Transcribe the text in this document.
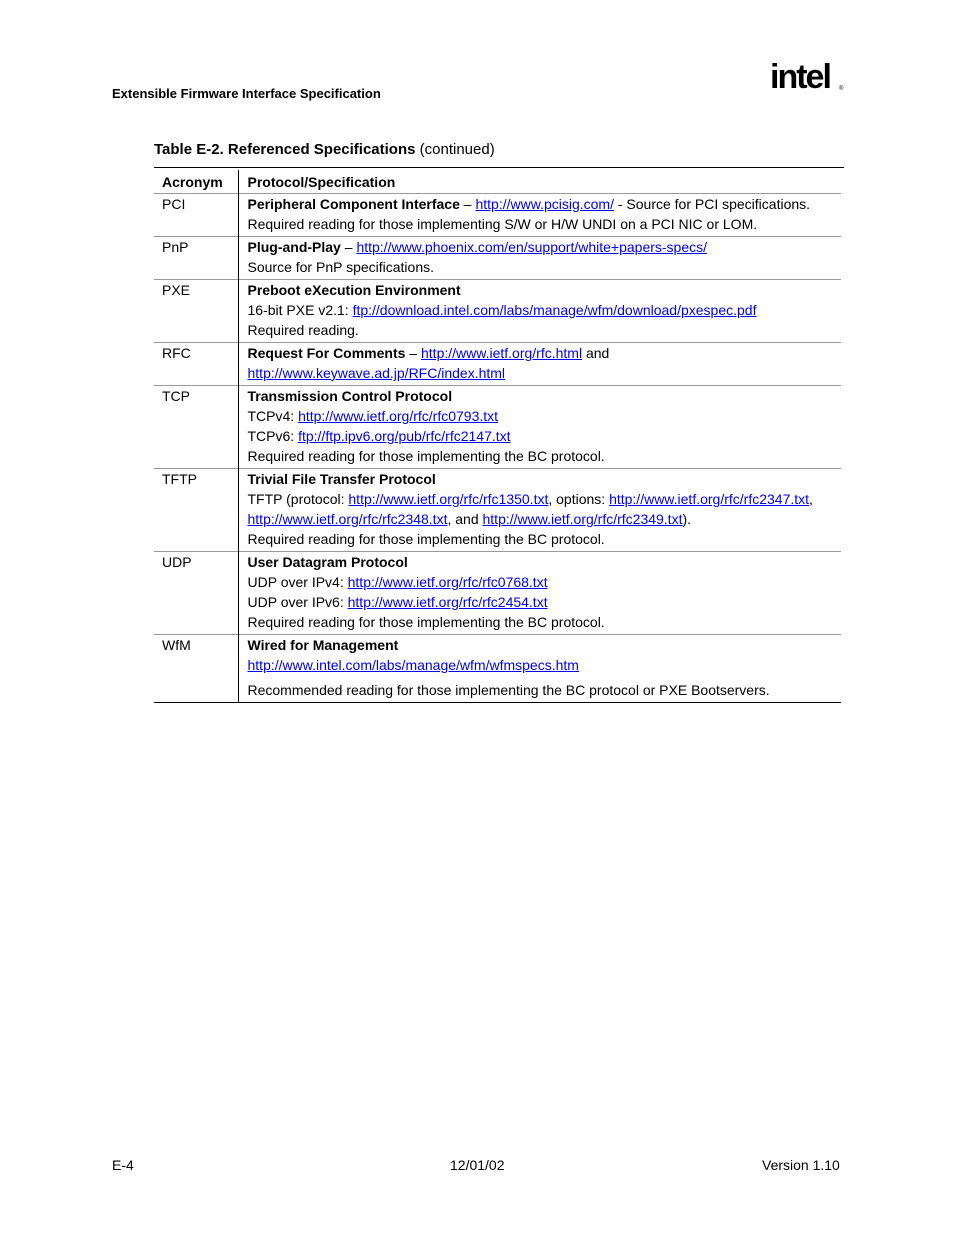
Extensible Firmware Interface Specification	intel ®
Table E-2. Referenced Specifications (continued)
Acronym	Protocol/Specification
PCI	Peripheral Component Interface – http://www.pcisig.com/ - Source for PCI specifications.
Required reading for those implementing S/W or H/W UNDI on a PCI NIC or LOM.

PnP	Plug-and-Play – http://www.phoenix.com/en/support/white+papers-specs/
Source for PnP specifications.

PXE	Preboot eXecution Environment
16-bit PXE v2.1: ftp://download.intel.com/labs/manage/wfm/download/pxespec.pdf
Required reading.

RFC	Request For Comments – http://www.ietf.org/rfc.html and
http://www.keywave.ad.jp/RFC/index.html

TCP	Transmission Control Protocol
TCPv4: http://www.ietf.org/rfc/rfc0793.txt
TCPv6: ftp://ftp.ipv6.org/pub/rfc/rfc2147.txt
Required reading for those implementing the BC protocol.

TFTP	Trivial File Transfer Protocol
TFTP (protocol: http://www.ietf.org/rfc/rfc1350.txt, options: http://www.ietf.org/rfc/rfc2347.txt,
http://www.ietf.org/rfc/rfc2348.txt, and http://www.ietf.org/rfc/rfc2349.txt).
Required reading for those implementing the BC protocol.

UDP	User Datagram Protocol
UDP over IPv4: http://www.ietf.org/rfc/rfc0768.txt
UDP over IPv6: http://www.ietf.org/rfc/rfc2454.txt
Required reading for those implementing the BC protocol.

WfM	Wired for Management
http://www.intel.com/labs/manage/wfm/wfmspecs.htm
Recommended reading for those implementing the BC protocol or PXE Bootservers.
E-4	12/01/02	Version 1.10
